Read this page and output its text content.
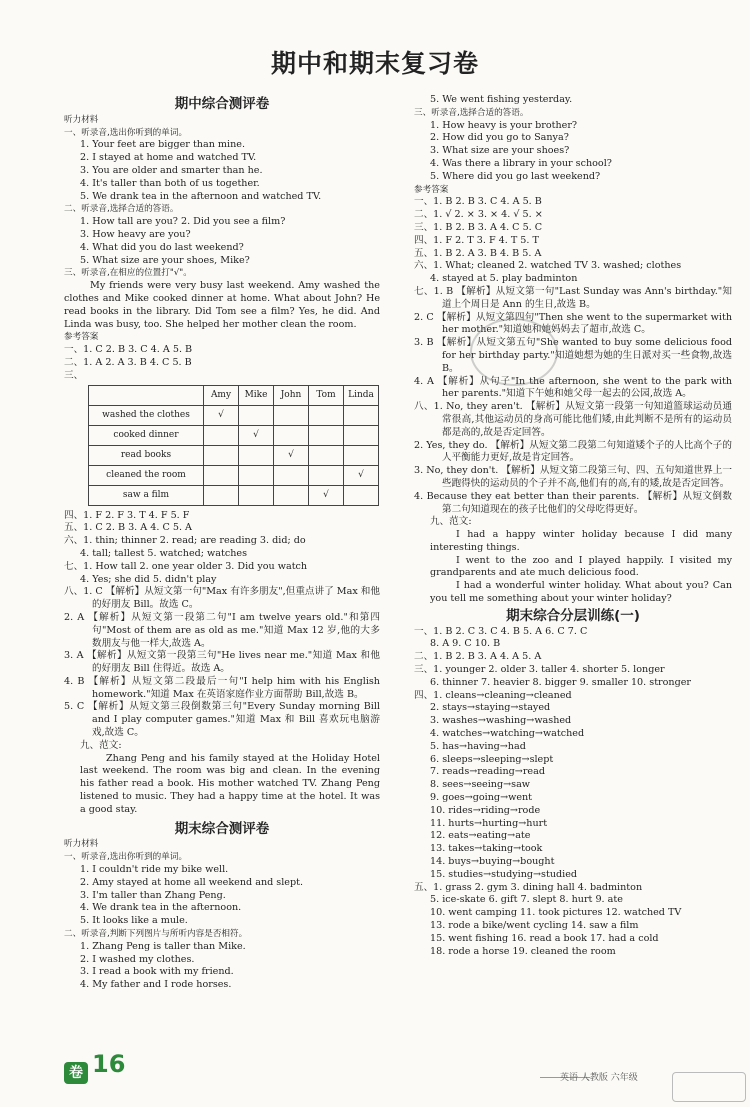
期中和期末复习卷
期中综合测评卷
听力材料
一、听录音,选出你听到的单词。
1. Your feet are bigger than mine.
2. I stayed at home and watched TV.
3. You are older and smarter than he.
4. It's taller than both of us together.
5. We drank tea in the afternoon and watched TV.
二、听录音,选择合适的答语。
1. How tall are you? 2. Did you see a film?
3. How heavy are you?
4. What did you do last weekend?
5. What size are your shoes, Mike?
三、听录音,在相应的位置打"√"。
My friends were very busy last weekend. Amy washed the clothes and Mike cooked dinner at home. What about John? He read books in the library. Did Tom see a film? Yes, he did. And Linda was busy, too. She helped her mother clean the room.
参考答案
一、1. C 2. B 3. C 4. A 5. B
二、1. A 2. A 3. B 4. C 5. B
三、
	Amy	Mike	John	Tom	Linda
washed the clothes	√				
cooked dinner		√			
read books			√		
cleaned the room					√
saw a film				√	
四、1. F 2. F 3. T 4. F 5. F
五、1. C 2. B 3. A 4. C 5. A
六、1. thin; thinner 2. read; are reading 3. did; do
4. tall; tallest 5. watched; watches
七、1. How tall 2. one year older 3. Did you watch
4. Yes; she did 5. didn't play
八、1. C 【解析】从短文第一句"Max 有许多朋友",但重点讲了 Max 和他的好朋友 Bill。故选 C。
2. A 【解析】从短文第一段第二句"I am twelve years old."和第四句"Most of them are as old as me."知道 Max 12 岁,他的大多数朋友与他一样大,故选 A。
3. A 【解析】从短文第一段第三句"He lives near me."知道 Max 和他的好朋友 Bill 住得近。故选 A。
4. B 【解析】从短文第二段最后一句"I help him with his English homework."知道 Max 在英语家庭作业方面帮助 Bill,故选 B。
5. C 【解析】从短文第三段倒数第三句"Every Sunday morning Bill and I play computer games."知道 Max 和 Bill 喜欢玩电脑游戏,故选 C。
九、范文:
Zhang Peng and his family stayed at the Holiday Hotel last weekend. The room was big and clean. In the evening his father read a book. His mother watched TV. Zhang Peng listened to music. They had a happy time at the hotel. It was a good stay.
期末综合测评卷
听力材料
一、听录音,选出你听到的单词。
1. I couldn't ride my bike well.
2. Amy stayed at home all weekend and slept.
3. I'm taller than Zhang Peng.
4. We drank tea in the afternoon.
5. It looks like a mule.
二、听录音,判断下列图片与所听内容是否相符。
1. Zhang Peng is taller than Mike.
2. I washed my clothes.
3. I read a book with my friend.
4. My father and I rode horses.
5. We went fishing yesterday.
三、听录音,选择合适的答语。
1. How heavy is your brother?
2. How did you go to Sanya?
3. What size are your shoes?
4. Was there a library in your school?
5. Where did you go last weekend?
参考答案
一、1. B 2. B 3. C 4. A 5. B
二、1. √ 2. × 3. × 4. √ 5. ×
三、1. B 2. B 3. A 4. C 5. C
四、1. F 2. T 3. F 4. T 5. T
五、1. B 2. A 3. B 4. B 5. A
六、1. What; cleaned 2. watched TV 3. washed; clothes
4. stayed at 5. play badminton
七、1. B 【解析】从短文第一句"Last Sunday was Ann's birthday."知道上个周日是 Ann 的生日,故选 B。
2. C 【解析】从短文第四句"Then she went to the supermarket with her mother."知道她和她妈妈去了超市,故选 C。
3. B 【解析】从短文第五句"She wanted to buy some delicious food for her birthday party."知道她想为她的生日派对买一些食物,故选 B。
4. A 【解析】从句子"In the afternoon, she went to the park with her parents."知道下午她和她父母一起去的公园,故选 A。
八、1. No, they aren't. 【解析】从短文第一段第一句知道篮球运动员通常很高,其他运动员的身高可能比他们矮,由此判断不是所有的运动员都是高的,故是否定回答。
2. Yes, they do. 【解析】从短文第二段第二句知道矮个子的人比高个子的人平衡能力更好,故是肯定回答。
3. No, they don't. 【解析】从短文第二段第三句、四、五句知道世界上一些跑得快的运动员的个子并不高,他们有的高,有的矮,故是否定回答。
4. Because they eat better than their parents. 【解析】从短文倒数第二句知道现在的孩子比他们的父母吃得更好。
九、范文:
I had a happy winter holiday because I did many interesting things.
I went to the zoo and I played happily. I visited my grandparents and ate much delicious food.
I had a wonderful winter holiday. What about you? Can you tell me something about your winter holiday?
期末综合分层训练(一)
一、1. B 2. C 3. C 4. B 5. A 6. C 7. C
8. A 9. C 10. B
二、1. B 2. B 3. A 4. A 5. A
三、1. younger 2. older 3. taller 4. shorter 5. longer
6. thinner 7. heavier 8. bigger 9. smaller 10. stronger
四、1. cleans→cleaning→cleaned
2. stays→staying→stayed
3. washes→washing→washed
4. watches→watching→watched
5. has→having→had
6. sleeps→sleeping→slept
7. reads→reading→read
8. sees→seeing→saw
9. goes→going→went
10. rides→riding→rode
11. hurts→hurting→hurt
12. eats→eating→ate
13. takes→taking→took
14. buys→buying→bought
15. studies→studying→studied
五、1. grass 2. gym 3. dining hall 4. badminton
5. ice-skate 6. gift 7. slept 8. hurt 9. ate
10. went camping 11. took pictures 12. watched TV
13. rode a bike/went cycling 14. saw a film
15. went fishing 16. read a book 17. had a cold
18. rode a horse 19. cleaned the room
卷 16	英语 人教版 六年级
